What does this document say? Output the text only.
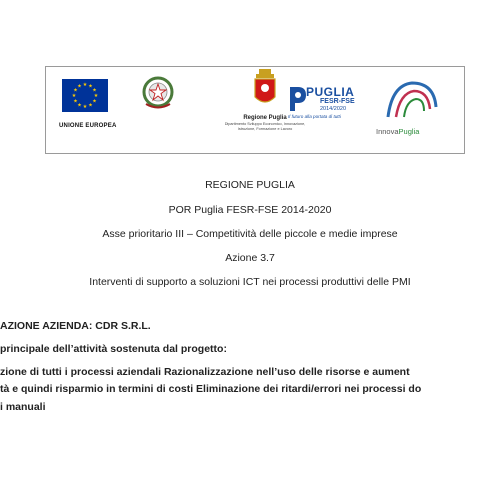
★ ★
★
★
★
★
★
★
★
★
★
★
UNIONE EUROPEA
Regione Puglia
Dipartimento Sviluppo Economico, Innovazione, Istruzione, Formazione e Lavoro
PUGLIA
FESR-FSE
2014/2020
Il futuro alla portata di tutti
InnovaPuglia
REGIONE PUGLIA
POR Puglia FESR-FSE 2014-2020
Asse prioritario III – Competitività delle piccole e medie imprese
Azione 3.7
Interventi di supporto a soluzioni ICT nei processi produttivi delle PMI
AZIONE AZIENDA: CDR S.R.L.
principale dell’attività sostenuta dal progetto:
zione di tutti i processi aziendali Razionalizzazione nell’uso delle risorse e aument
tà e quindi risparmio in termini di costi Eliminazione dei ritardi/errori nei processi do
i manuali
